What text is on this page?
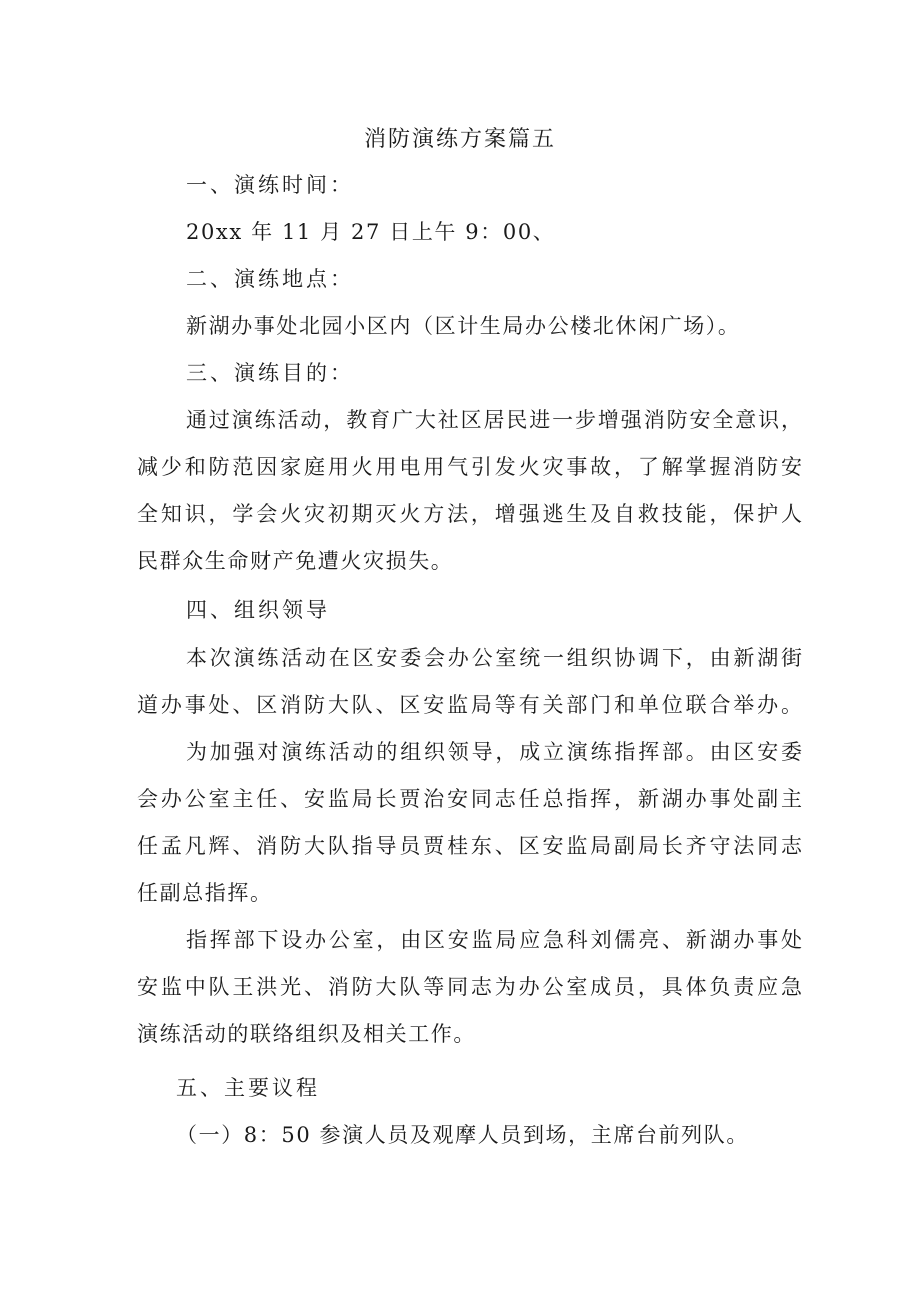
消防演练方案篇五
一、演练时间：
20xx 年 11 月 27 日上午 9：00、
二、演练地点：
新湖办事处北园小区内（区计生局办公楼北休闲广场）。
三、演练目的：
通过演练活动，教育广大社区居民进一步增强消防安全意识，
减少和防范因家庭用火用电用气引发火灾事故，了解掌握消防安
全知识，学会火灾初期灭火方法，增强逃生及自救技能，保护人
民群众生命财产免遭火灾损失。
四、组织领导
本次演练活动在区安委会办公室统一组织协调下，由新湖街
道办事处、区消防大队、区安监局等有关部门和单位联合举办。
为加强对演练活动的组织领导，成立演练指挥部。由区安委
会办公室主任、安监局长贾治安同志任总指挥，新湖办事处副主
任孟凡辉、消防大队指导员贾桂东、区安监局副局长齐守法同志
任副总指挥。
指挥部下设办公室，由区安监局应急科刘儒亮、新湖办事处
安监中队王洪光、消防大队等同志为办公室成员，具体负责应急
演练活动的联络组织及相关工作。
五、主要议程
（一）8：50 参演人员及观摩人员到场，主席台前列队。
